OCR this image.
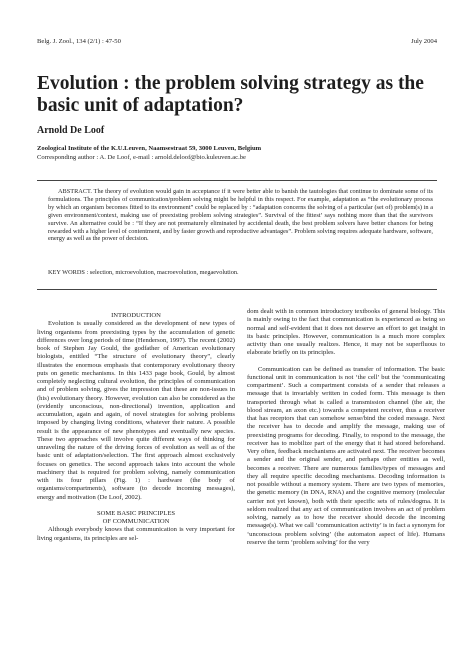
Belg. J. Zool., 134 (2/1) : 47-50	July 2004
Evolution : the problem solving strategy as the basic unit of adaptation?

Arnold De Loof

Zoological Institute of the K.U.Leuven, Naamsestraat 59, 3000 Leuven, Belgium
Corresponding author : A. De Loof, e-mail : arnold.deloof@bio.kuleuven.ac.be

ABSTRACT. The theory of evolution would gain in acceptance if it were better able to banish the tautologies that continue to dominate some of its formulations. The principles of communication/problem solving might be helpful in this respect. For example, adaptation as “the evolutionary process by which an organism becomes fitted to its environment” could be replaced by : “adaptation concerns the solving of a particular (set of) problem(s) in a given environment/context, making use of preexisting problem solving strategies”. Survival of the fittest’ says nothing more than that the survivors survive. An alternative could be : “If they are not prematurely eliminated by accidental death, the best problem solvers have better chances for being rewarded with a higher level of contentment, and by faster growth and reproductive advantages”. Problem solving requires adequate hardware, software, energy as well as the power of decision.

KEY WORDS : selection, microevolution, macroevolution, megaevolution.

INTRODUCTION

Evolution is usually considered as the development of new types of living organisms from preexisting types by the accumulation of genetic differences over long periods of time (Henderson, 1997). The recent (2002) book of Stephen Jay Gould, the godfather of American evolutionary biologists, entitled “The structure of evolutionary theory”, clearly illustrates the enormous emphasis that contemporary evolutionary theory puts on genetic mechanisms. In this 1433 page book, Gould, by almost completely neglecting cultural evolution, the principles of communication and of problem solving, gives the impression that these are non-issues in (his) evolutionary theory. However, evolution can also be considered as the (evidently unconscious, non-directional) invention, application and accumulation, again and again, of novel strategies for solving problems imposed by changing living conditions, whatever their nature. A possible result is the appearance of new phenotypes and eventually new species. These two approaches will involve quite different ways of thinking for unraveling the nature of the driving forces of evolution as well as of the basic unit of adaptation/selection. The first approach almost exclusively focuses on genetics. The second approach takes into account the whole machinery that is required for problem solving, namely communication with its four pillars (Fig. 1) : hardware (the body of organisms/compartments), software (to decode incoming messages), energy and motivation (De Loof, 2002).

SOME BASIC PRINCIPLES

OF COMMUNICATION

Although everybody knows that communication is very important for living organisms, its principles are sel-

dom dealt with in common introductory textbooks of general biology. This is mainly owing to the fact that communication is experienced as being so normal and self-evident that it does not deserve an effort to get insight in its basic principles. However, communication is a much more complex activity than one usually realizes. Hence, it may not be superfluous to elaborate briefly on its principles.

Communication can be defined as transfer of information. The basic functional unit in communication is not ‘the cell’ but the ‘communicating compartment’. Such a compartment consists of a sender that releases a message that is invariably written in coded form. This message is then transported through what is called a transmission channel (the air, the blood stream, an axon etc.) towards a competent receiver, thus a receiver that has receptors that can somehow sense/bind the coded message. Next the receiver has to decode and amplify the message, making use of preexisting programs for decoding. Finally, to respond to the message, the receiver has to mobilize part of the energy that it had stored beforehand. Very often, feedback mechanisms are activated next. The receiver becomes a sender and the original sender, and perhaps other entities as well, becomes a receiver. There are numerous families/types of messages and they all require specific decoding mechanisms. Decoding information is not possible without a memory system. There are two types of memories, the genetic memory (in DNA, RNA) and the cognitive memory (molecular carrier not yet known), both with their specific sets of rules/dogma. It is seldom realized that any act of communication involves an act of problem solving, namely as to how the receiver should decode the incoming message(s). What we call ‘communication activity’ is in fact a synonym for ‘unconscious problem solving’ (the automaton aspect of life). Humans reserve the term ‘problem solving’ for the very
